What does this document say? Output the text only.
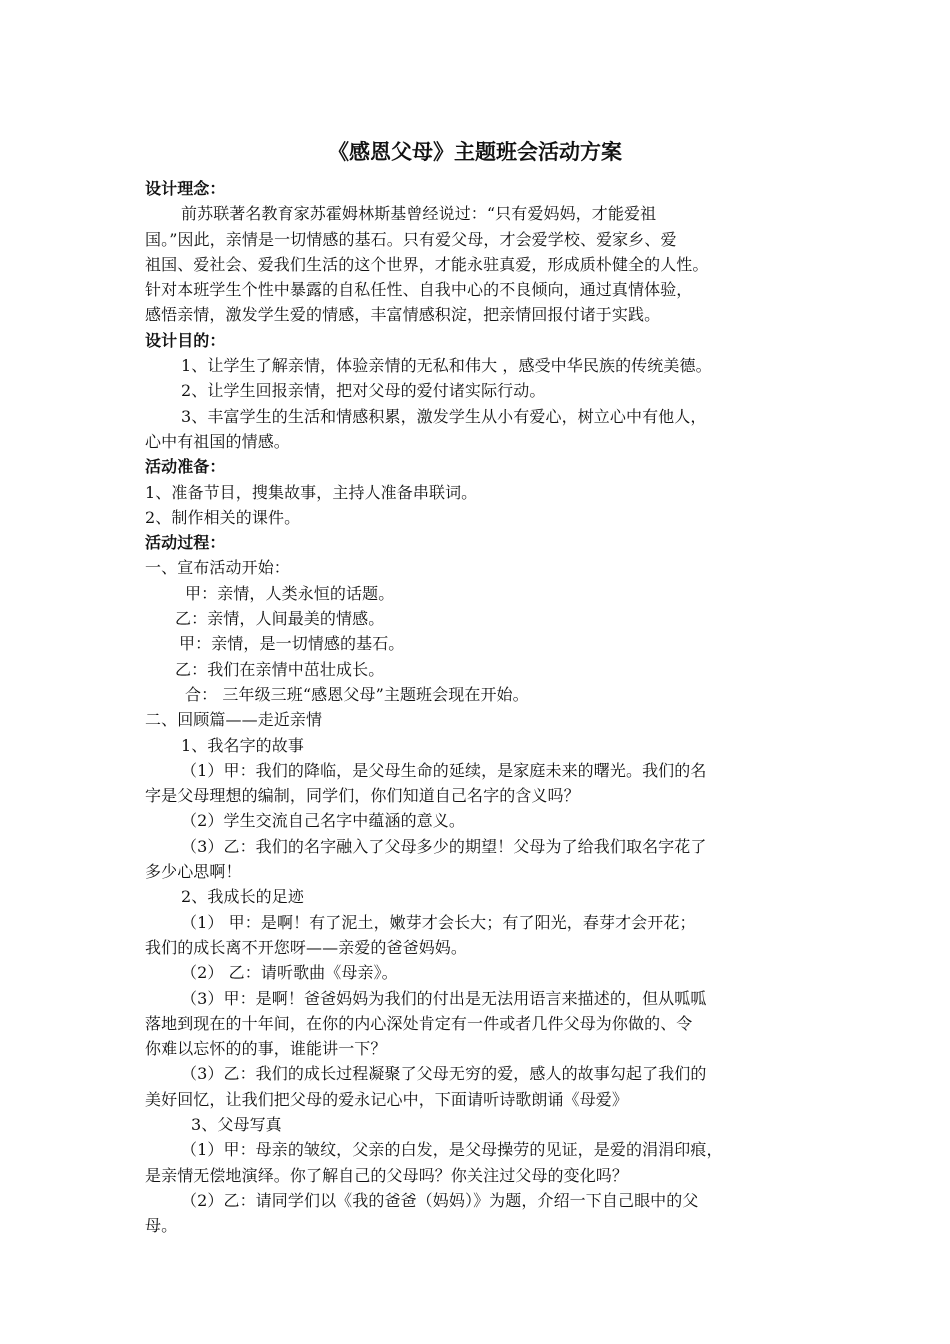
《感恩父母》主题班会活动方案
设计理念：
前苏联著名教育家苏霍姆林斯基曾经说过：“只有爱妈妈，才能爱祖
国。”因此，亲情是一切情感的基石。只有爱父母，才会爱学校、爱家乡、爱
祖国、爱社会、爱我们生活的这个世界，才能永驻真爱，形成质朴健全的人性。
针对本班学生个性中暴露的自私任性、自我中心的不良倾向，通过真情体验，
感悟亲情，激发学生爱的情感，丰富情感积淀，把亲情回报付诸于实践。
设计目的：
1、让学生了解亲情，体验亲情的无私和伟大 ，感受中华民族的传统美德。
2、让学生回报亲情，把对父母的爱付诸实际行动。
3、丰富学生的生活和情感积累，激发学生从小有爱心，树立心中有他人，
心中有祖国的情感。
活动准备：
1、准备节目，搜集故事，主持人准备串联词。
2、制作相关的课件。
活动过程：
一、宣布活动开始：
甲：亲情，人类永恒的话题。
乙：亲情，人间最美的情感。
甲：亲情，是一切情感的基石。
乙：我们在亲情中茁壮成长。
合： 三年级三班“感恩父母”主题班会现在开始。
二、回顾篇——走近亲情
1、我名字的故事
（1）甲：我们的降临，是父母生命的延续，是家庭未来的曙光。我们的名
字是父母理想的编制，同学们，你们知道自己名字的含义吗？
（2）学生交流自己名字中蕴涵的意义。
（3）乙：我们的名字融入了父母多少的期望！父母为了给我们取名字花了
多少心思啊！
2、我成长的足迹
（1） 甲：是啊！有了泥土，嫩芽才会长大；有了阳光，春芽才会开花；
我们的成长离不开您呀——亲爱的爸爸妈妈。
（2） 乙：请听歌曲《母亲》。
（3）甲：是啊！爸爸妈妈为我们的付出是无法用语言来描述的，但从呱呱
落地到现在的十年间，在你的内心深处肯定有一件或者几件父母为你做的、令
你难以忘怀的的事，谁能讲一下？
（3）乙：我们的成长过程凝聚了父母无穷的爱，感人的故事勾起了我们的
美好回忆，让我们把父母的爱永记心中，下面请听诗歌朗诵《母爱》
3、父母写真
（1）甲：母亲的皱纹，父亲的白发，是父母操劳的见证，是爱的涓涓印痕，
是亲情无偿地演绎。你了解自己的父母吗？你关注过父母的变化吗？
（2）乙：请同学们以《我的爸爸（妈妈）》为题，介绍一下自己眼中的父
母。
